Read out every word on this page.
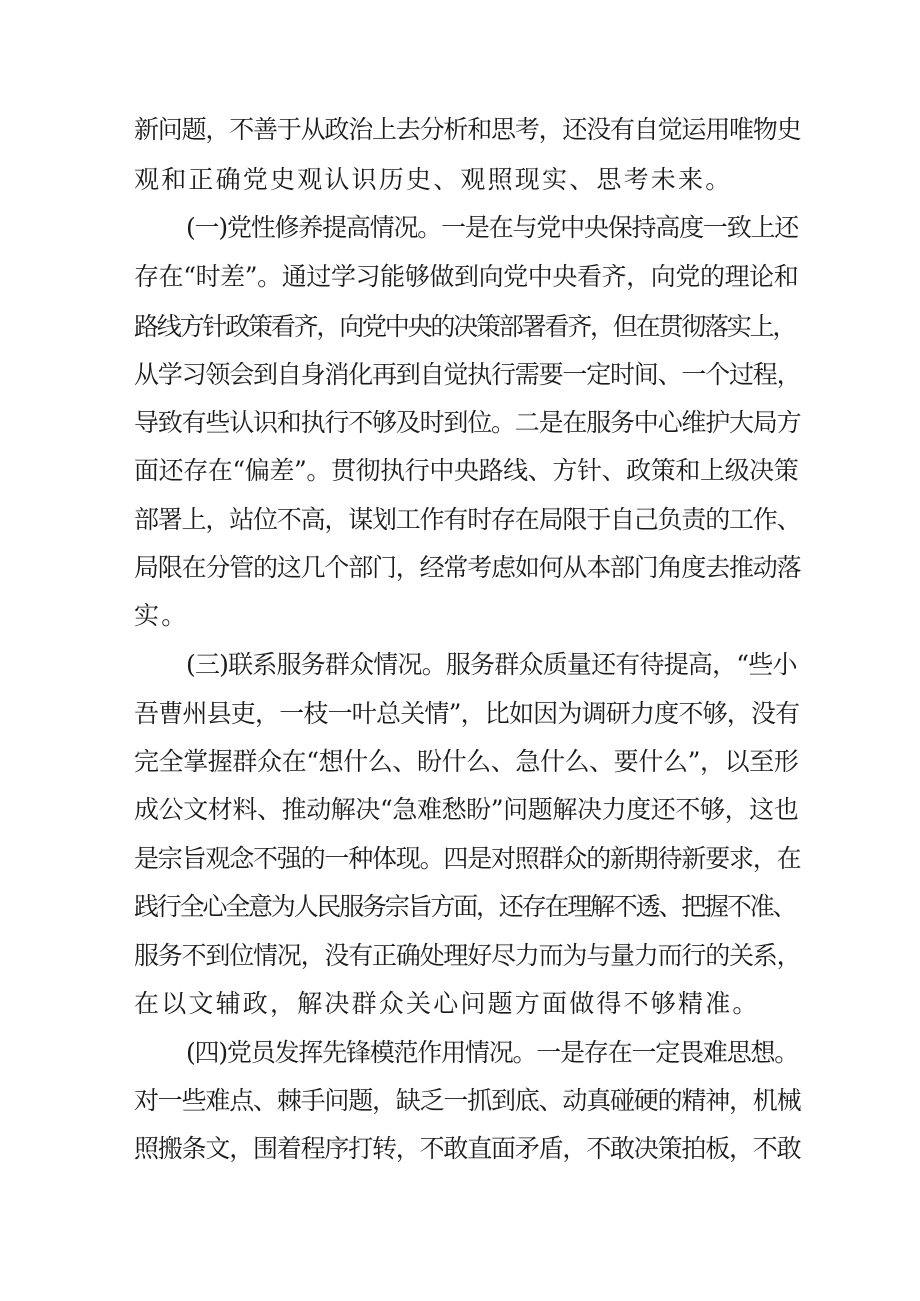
新问题，不善于从政治上去分析和思考，还没有自觉运用唯物史
观和正确党史观认识历史、观照现实、思考未来。
(一)党性修养提高情况。一是在与党中央保持高度一致上还
存在“时差”。通过学习能够做到向党中央看齐，向党的理论和
路线方针政策看齐，向党中央的决策部署看齐，但在贯彻落实上，
从学习领会到自身消化再到自觉执行需要一定时间、一个过程，
导致有些认识和执行不够及时到位。二是在服务中心维护大局方
面还存在“偏差”。贯彻执行中央路线、方针、政策和上级决策
部署上，站位不高，谋划工作有时存在局限于自己负责的工作、
局限在分管的这几个部门，经常考虑如何从本部门角度去推动落
实。
(三)联系服务群众情况。服务群众质量还有待提高，“些小
吾曹州县吏，一枝一叶总关情”，比如因为调研力度不够，没有
完全掌握群众在“想什么、盼什么、急什么、要什么”，以至形
成公文材料、推动解决“急难愁盼”问题解决力度还不够，这也
是宗旨观念不强的一种体现。四是对照群众的新期待新要求，在
践行全心全意为人民服务宗旨方面，还存在理解不透、把握不准、
服务不到位情况，没有正确处理好尽力而为与量力而行的关系，
在以文辅政，解决群众关心问题方面做得不够精准。
(四)党员发挥先锋模范作用情况。一是存在一定畏难思想。
对一些难点、棘手问题，缺乏一抓到底、动真碰硬的精神，机械
照搬条文，围着程序打转，不敢直面矛盾，不敢决策拍板，不敢
